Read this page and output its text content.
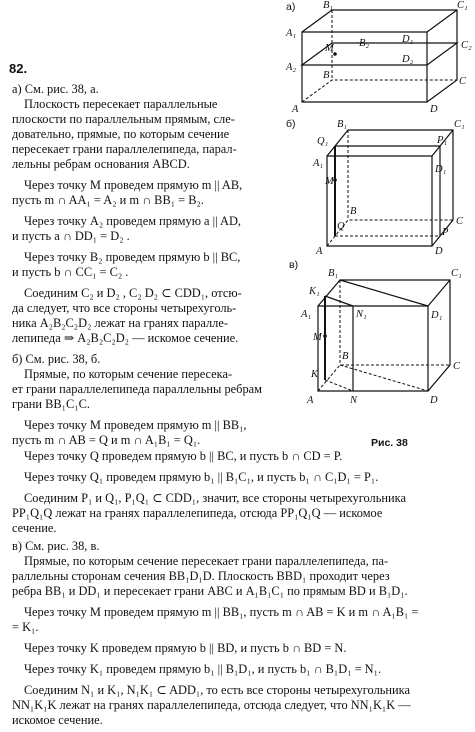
а) См. рис. 38, а.
Плоскость пересекает параллельные
плоскости по параллельным прямым, сле-
довательно, прямые, по которым сечение
пересекает грани параллелепипеда, парал-
лельны ребрам основания ABCD.
Через точку M проведем прямую m || AB,
пусть m ∩ AA₁ = A₂ и m ∩ BB₁ = B₂.
Через точку A₂ проведем прямую a || AD,
и пусть a ∩ DD₁ = D₂ .
Через точку B₂ проведем прямую b || BC,
и пусть b ∩ CC₁ = C₂ .
Соединим C₂ и D₂ , C₂ D₂ ⊂ CDD₁, отсю-
да следует, что все стороны четырехуголь-
ника A₂B₂C₂D₂ лежат на гранях паралле-
лепипеда ⇒ A₂B₂C₂D₂ — искомое сечение.
б) См. рис. 38, б.
Прямые, по которым сечение пересека-
ет грани параллелепипеда параллельны ребрам
грани BB₁C₁C.
Через точку M проведем прямую m || BB₁,
пусть m ∩ AB = Q и m ∩ A₁B₁ = Q₁.
Через точку Q проведем прямую b || BC, и пусть b ∩ CD = P.
Через точку Q₁ проведем прямую b₁ || B₁C₁, и пусть b₁ ∩ C₁D₁ = P₁.
Соединим P₁ и Q₁, P₁Q₁ ⊂ CDD₁, значит, все стороны четырехугольника
PP₁Q₁Q лежат на гранях параллелепипеда, отсюда PP₁Q₁Q — искомое
сечение.
в) См. рис. 38, в.
Прямые, по которым сечение пересекает грани параллелепипеда, па-
раллельны сторонам сечения BB₁D₁D. Плоскость BBD₁ проходит через
ребра BB₁ и DD₁ и пересекает грани ABC и A₁B₁C₁ по прямым BD и B₁D₁.
Через точку M проведем прямую m || BB₁, пусть m ∩ AB = K и m ∩ A₁B₁ =
= K₁.
Через точку K проведем прямую b || BD, и пусть b ∩ BD = N.
Через точку K₁ проведем прямую b₁ || B₁D₁, и пусть b₁ ∩ B₁D₁ = N₁.
Соединим N₁ и K₁, N₁K₁ ⊂ ADD₁, то есть все стороны четырехугольника
NN₁K₁K лежат на гранях параллелепипеда, отсюда следует, что NN₁K₁K —
искомое сечение.
а)	B₁	C₁
A₁
B₂	D₁
C₂
M
A₂
D₂
B
C
A	D
б)	B₁	C₁
Q₁	P₁
A₁
D₁
M
B
C
Q
P
A	D
в)
B₁	C₁
K₁
A₁	N₁	D₁
M
B
C
K
A	N	D
Рис. 38
82.
